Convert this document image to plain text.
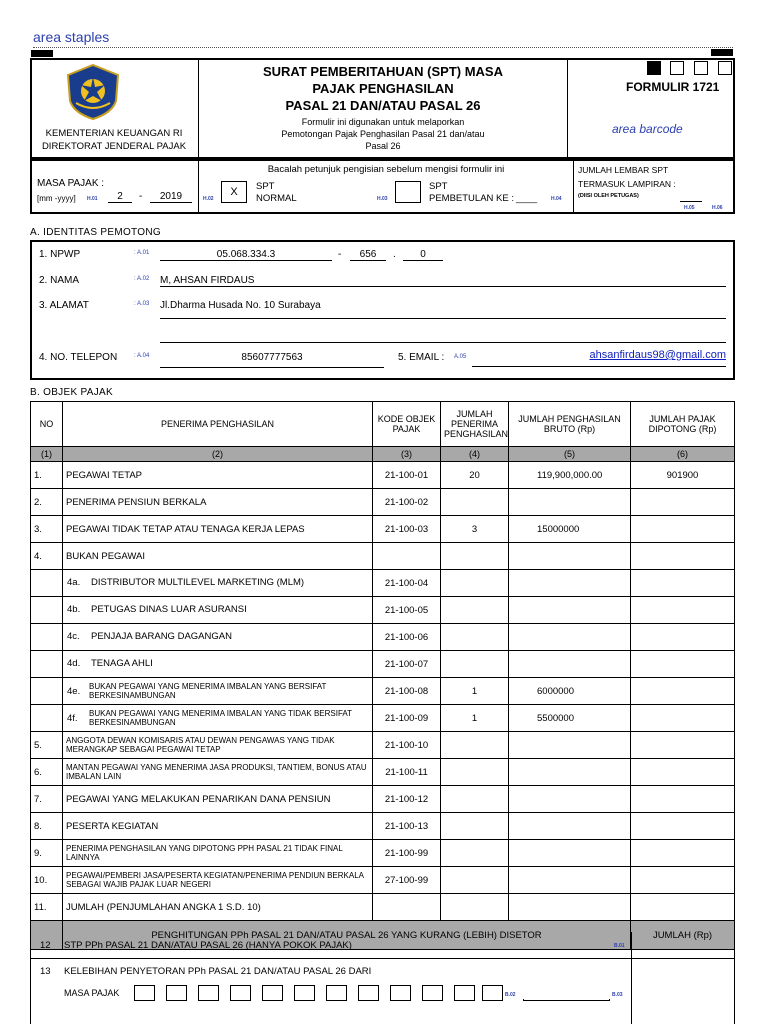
area staples
KEMENTERIAN KEUANGAN RI
DIREKTORAT JENDERAL PAJAK
SURAT PEMBERITAHUAN (SPT) MASA
PAJAK PENGHASILAN
PASAL 21 DAN/ATAU PASAL 26
Formulir ini digunakan untuk melaporkan
Pemotongan Pajak Penghasilan Pasal 21 dan/atau
Pasal 26
FORMULIR 1721
area barcode
MASA PAJAK :
[mm -yyyy] H.01	2	-	2019
Bacalah petunjuk pengisian sebelum mengisi formulir ini
H.02
X	SPT
NORMAL	H.03
SPT
PEMBETULAN KE : ____	H.04
JUMLAH LEMBAR SPT
TERMASUK LAMPIRAN :
(DIISI OLEH PETUGAS)
H.05	H.06
A. IDENTITAS PEMOTONG
1. NPWP	: A.01	05.068.334.3	-	656	.	0
2. NAMA	: A.02 M, AHSAN FIRDAUS
3. ALAMAT	: A.03 Jl.Dharma Husada No. 10 Surabaya
4. NO. TELEPON	: A.04	85607777563	5. EMAIL : A.05	ahsanfirdaus98@gmail.com
B. OBJEK PAJAK
NO	PENERIMA PENGHASILAN	KODE OBJEK PAJAK	JUMLAH PENERIMA PENGHASILAN	JUMLAH PENGHASILAN BRUTO (Rp)	JUMLAH PAJAK DIPOTONG (Rp)
(1)	(2)	(3)	(4)	(5)	(6)
1.	PEGAWAI TETAP	21-100-01	20	119,900,000.00	901900
2.	PENERIMA PENSIUN BERKALA	21-100-02			
3.	PEGAWAI TIDAK TETAP ATAU TENAGA KERJA LEPAS	21-100-03	3	15000000	
4.	BUKAN PEGAWAI				
	4a. DISTRIBUTOR MULTILEVEL MARKETING (MLM)	21-100-04			
	4b. PETUGAS DINAS LUAR ASURANSI	21-100-05			
	4c. PENJAJA BARANG DAGANGAN	21-100-06			
	4d. TENAGA AHLI	21-100-07			
	4e. BUKAN PEGAWAI YANG MENERIMA IMBALAN YANG BERSIFAT BERKESINAMBUNGAN	21-100-08	1	6000000	
	4f. BUKAN PEGAWAI YANG MENERIMA IMBALAN YANG TIDAK BERSIFAT BERKESINAMBUNGAN	21-100-09	1	5500000	
5.	ANGGOTA DEWAN KOMISARIS ATAU DEWAN PENGAWAS YANG TIDAK MERANGKAP SEBAGAI PEGAWAI TETAP	21-100-10			
6.	MANTAN PEGAWAI YANG MENERIMA JASA PRODUKSI, TANTIEM, BONUS ATAU IMBALAN LAIN	21-100-11			
7.	PEGAWAI YANG MELAKUKAN PENARIKAN DANA PENSIUN	21-100-12			
8.	PESERTA KEGIATAN	21-100-13			
9.	PENERIMA PENGHASILAN YANG DIPOTONG PPH PASAL 21 TIDAK FINAL LAINNYA	21-100-99			
10.	PEGAWAI/PEMBERI JASA/PESERTA KEGIATAN/PENERIMA PENDIUN BERKALA SEBAGAI WAJIB PAJAK LUAR NEGERI	27-100-99			
11.	JUMLAH (PENJUMLAHAN ANGKA 1 S.D. 10)				
	PENGHITUNGAN PPh PASAL 21 DAN/ATAU PASAL 26 YANG KURANG (LEBIH) DISETOR				JUMLAH (Rp)
12 STP PPh PASAL 21 DAN/ATAU PASAL 26 (HANYA POKOK PAJAK)	B.01
13 KELEBIHAN PENYETORAN PPh PASAL 21 DAN/ATAU PASAL 26 DARI
MASA PAJAK	B.02	B.03
